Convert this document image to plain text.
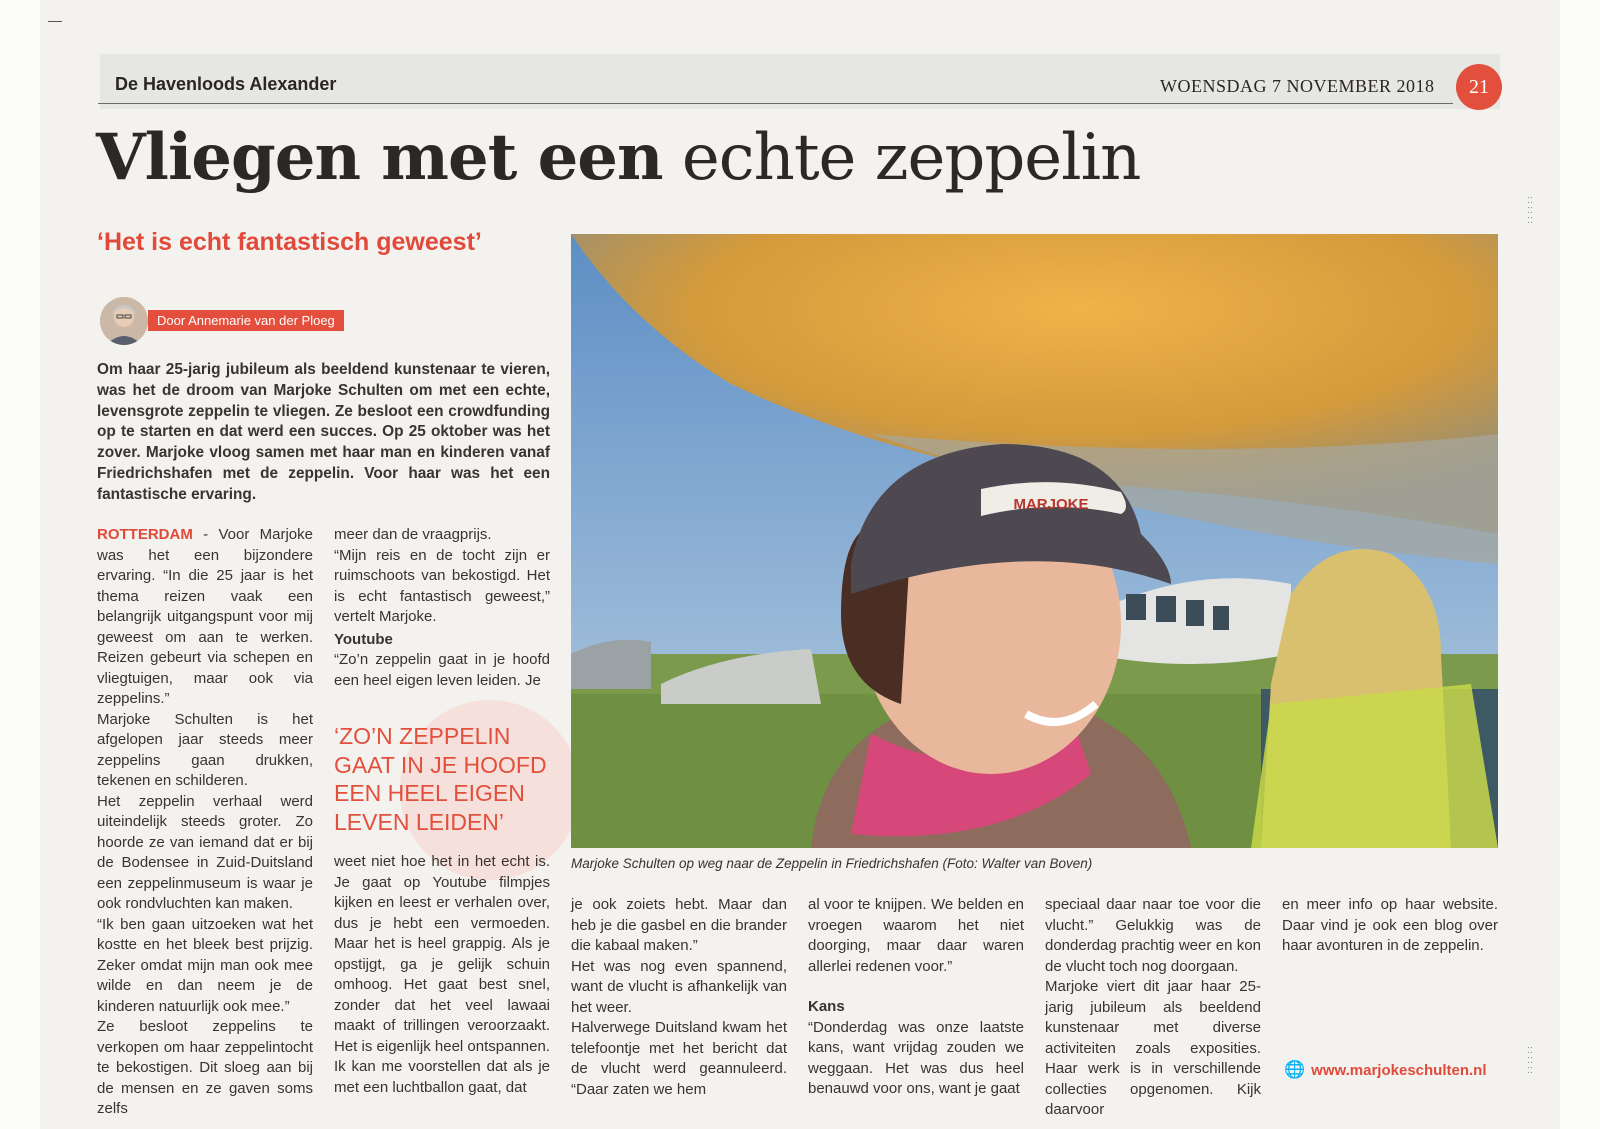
De Havenloods Alexander	WOENSDAG 7 NOVEMBER 2018	21
Vliegen met een echte zeppelin
‘Het is echt fantastisch geweest’
Door Annemarie van der Ploeg

Om haar 25-jarig jubileum als beeldend kunstenaar te vieren, was het de droom van Marjoke Schulten om met een echte, levensgrote zeppelin te vliegen. Ze besloot een crowdfunding op te starten en dat werd een succes. Op 25 oktober was het zover. Marjoke vloog samen met haar man en kinderen vanaf Friedrichshafen met de zeppelin. Voor haar was het een fantastische ervaring.

ROTTERDAM - Voor Marjoke was het een bijzondere ervaring. “In die 25 jaar is het thema reizen vaak een belangrijk uitgangspunt voor mij geweest om aan te werken. Reizen gebeurt via schepen en vliegtuigen, maar ook via zeppelins.”

Marjoke Schulten is het afgelopen jaar steeds meer zeppelins gaan drukken, tekenen en schilderen.

Het zeppelin verhaal werd uiteindelijk steeds groter. Zo hoorde ze van iemand dat er bij de Bodensee in Zuid-Duitsland een zeppelinmuseum is waar je ook rondvluchten kan maken.

“Ik ben gaan uitzoeken wat het kostte en het bleek best prijzig. Zeker omdat mijn man ook mee wilde en dan neem je de kinderen natuurlijk ook mee.”

Ze besloot zeppelins te verkopen om haar zeppelintocht te bekostigen. Dit sloeg aan bij de mensen en ze gaven soms zelfs

meer dan de vraagprijs.

“Mijn reis en de tocht zijn er ruimschoots van bekostigd. Het is echt fantastisch geweest,” vertelt Marjoke.

Youtube

“Zo’n zeppelin gaat in je hoofd een heel eigen leven leiden. Je

‘ZO’N ZEPPELIN GAAT IN JE HOOFD EEN HEEL EIGEN LEVEN LEIDEN’

weet niet hoe het in het echt is. Je gaat op Youtube filmpjes kijken en leest er verhalen over, dus je hebt een vermoeden. Maar het is heel grappig. Als je opstijgt, ga je gelijk schuin omhoog. Het gaat best snel, zonder dat het veel lawaai maakt of trillingen veroorzaakt. Het is eigenlijk heel ontspannen. Ik kan me voorstellen dat als je met een luchtballon gaat, dat

MARJOKE
Marjoke Schulten op weg naar de Zeppelin in Friedrichshafen (Foto: Walter van Boven)

je ook zoiets hebt. Maar dan heb je die gasbel en die brander die kabaal maken.”

Het was nog even spannend, want de vlucht is afhankelijk van het weer.

Halverwege Duitsland kwam het telefoontje met het bericht dat de vlucht werd geannuleerd. “Daar zaten we hem

al voor te knijpen. We belden en vroegen waarom het niet doorging, maar daar waren allerlei redenen voor.”

Kans

“Donderdag was onze laatste kans, want vrijdag zouden we weggaan. Het was dus heel benauwd voor ons, want je gaat

speciaal daar naar toe voor die vlucht.” Gelukkig was de donderdag prachtig weer en kon de vlucht toch nog doorgaan.

Marjoke viert dit jaar haar 25-jarig jubileum als beeldend kunstenaar met diverse activiteiten zoals exposities. Haar werk is in verschillende collecties opgenomen. Kijk daarvoor

en meer info op haar website. Daar vind je ook een blog over haar avonturen in de zeppelin.

🌐 www.marjokeschulten.nl
::
::
::
::
::
::
